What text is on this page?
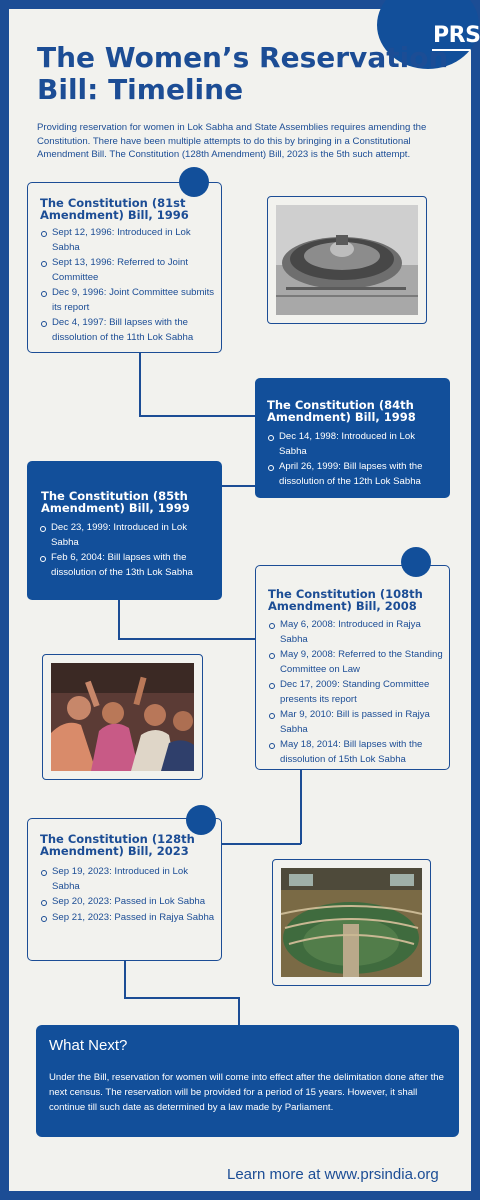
PRS
The Women’s Reservation Bill: Timeline

Providing reservation for women in Lok Sabha and State Assemblies requires amending the Constitution. There have been multiple attempts to do this by bringing in a Constitutional Amendment Bill. The Constitution (128th Amendment) Bill, 2023 is the 5th such attempt.

The Constitution (81st Amendment) Bill, 1996
Sept 12, 1996: Introduced in Lok Sabha
Sept 13, 1996: Referred to Joint Committee
Dec 9, 1996: Joint Committee submits its report
Dec 4, 1997: Bill lapses with the dissolution of the 11th Lok Sabha
The Constitution (84th Amendment) Bill, 1998
Dec 14, 1998: Introduced in Lok Sabha
April 26, 1999: Bill lapses with the dissolution of the 12th Lok Sabha
The Constitution (85th Amendment) Bill, 1999
Dec 23, 1999: Introduced in Lok Sabha
Feb 6, 2004: Bill lapses with the dissolution of the 13th Lok Sabha
The Constitution (108th Amendment) Bill, 2008
May 6, 2008: Introduced in Rajya Sabha
May 9, 2008: Referred to the Standing Committee on Law
Dec 17, 2009: Standing Committee presents its report
Mar 9, 2010: Bill is passed in Rajya Sabha
May 18, 2014: Bill lapses with the dissolution of 15th Lok Sabha
The Constitution (128th Amendment) Bill, 2023
Sep 19, 2023: Introduced in Lok Sabha
Sep 20, 2023: Passed in Lok Sabha
Sep 21, 2023: Passed in Rajya Sabha
What Next?

Under the Bill, reservation for women will come into effect after the delimitation done after the next census. The reservation will be provided for a period of 15 years. However, it shall continue till such date as determined by a law made by Parliament.

Learn more at www.prsindia.org
